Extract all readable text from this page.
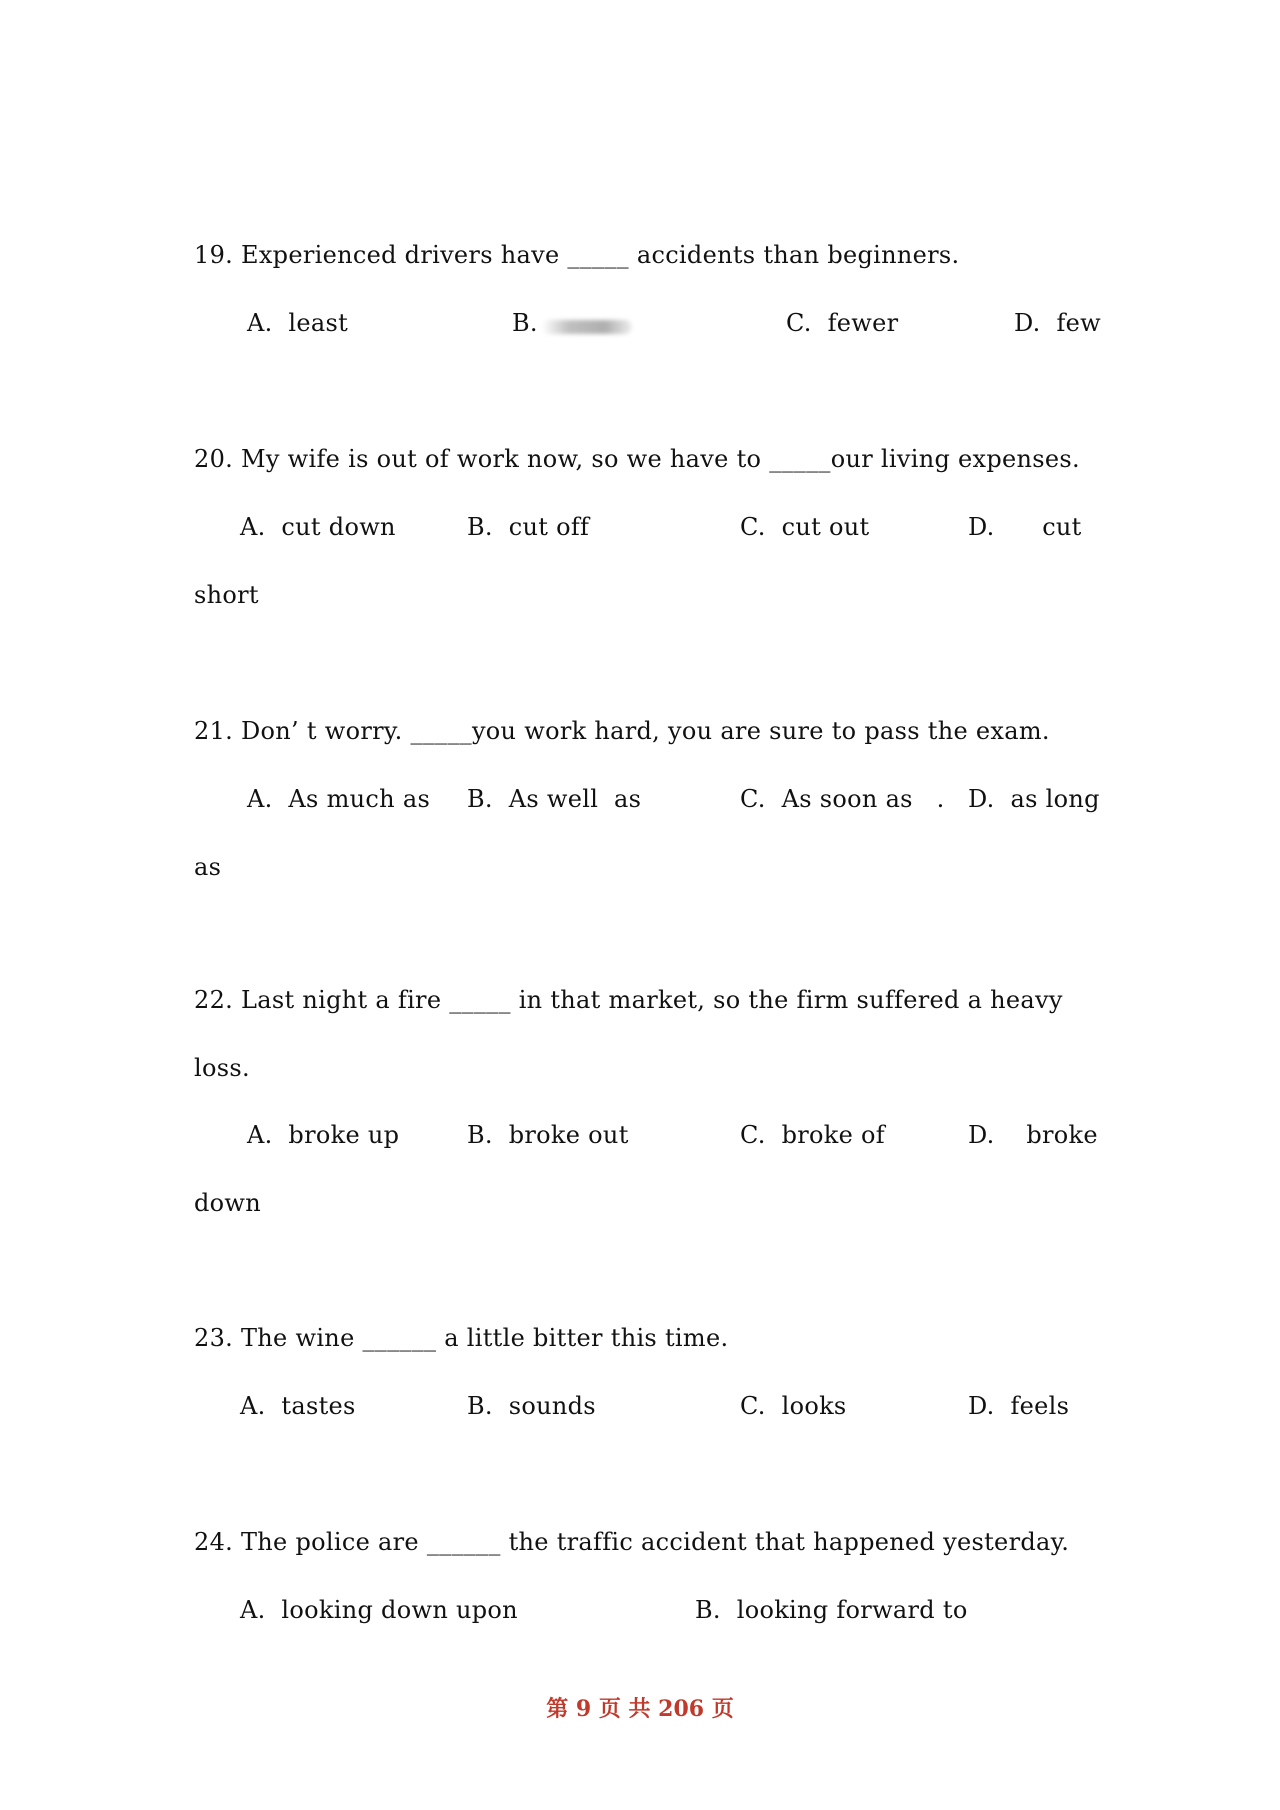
19. Experienced drivers have _____ accidents than beginners.

A.  least	B.	C.  fewer	D.  few

20. My wife is out of work now, so we have to _____our living expenses.

A.  cut down	B.  cut off	C.  cut out	D.      cut

short

21. Don’ t worry. _____you work hard, you are sure to pass the exam.

A.  As much as B.  As well  as	C.  As soon as   . D.  as long

as

22. Last night a fire _____ in that market, so the firm suffered a heavy

loss.

A.  broke up	B.  broke out	C.  broke of	D.    broke

down

23. The wine ______ a little bitter this time.

A.  tastes	B.  sounds	C.  looks	D.  feels

24. The police are ______ the traffic accident that happened yesterday.

A.  looking down upon	B.  looking forward to

第 9 页 共 206 页
